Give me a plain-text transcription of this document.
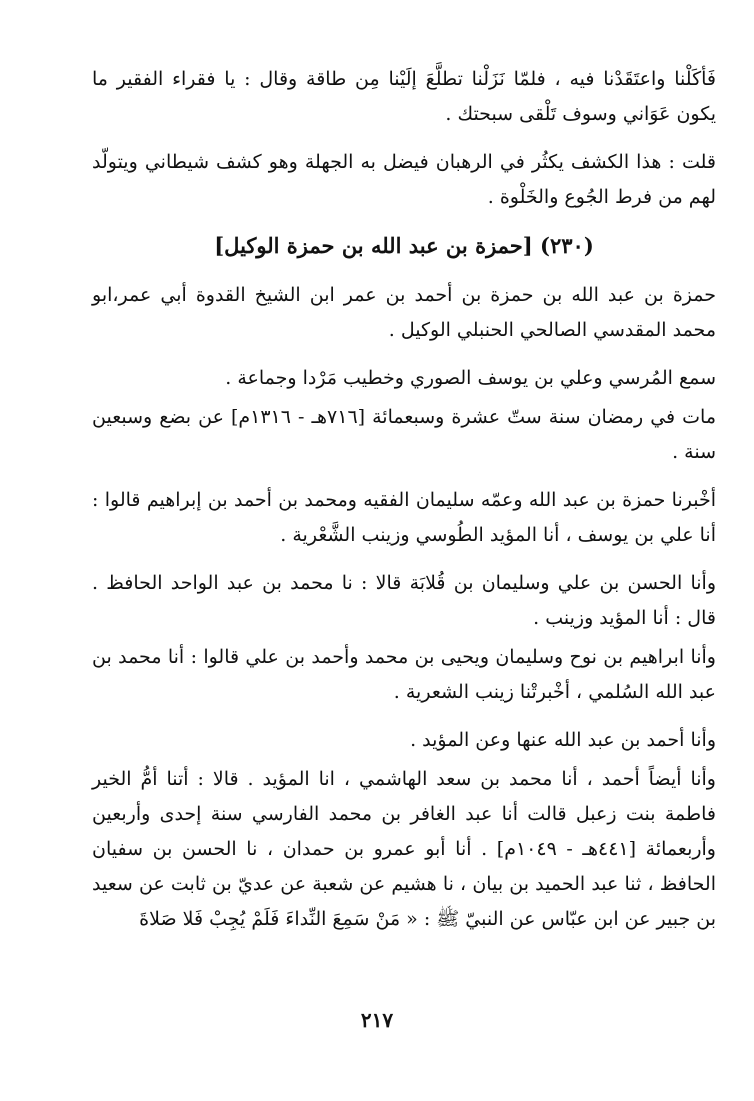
فَأكَلْنا واعتَقَدْنا فيه ، فلمّا نَزَلْنا تطلَّعَ إلَيْنا مِن طاقة وقال : يا فقراء الفقير ما يكون عَوَاني وسوف تَلْقى سبحتك .

قلت : هذا الكشف يكثُر في الرهبان فيضل به الجهلة وهو كشف شيطاني ويتولّد لهم من فرط الجُوع والخَلْوة .

(٢٣٠) [حمزة بن عبد الله بن حمزة الوكيل]

حمزة بن عبد الله بن حمزة بن أحمد بن عمر ابن الشيخ القدوة أبي عمر،ابو محمد المقدسي الصالحي الحنبلي الوكيل .

سمع المُرسي وعلي بن يوسف الصوري وخطيب مَرْدا وجماعة .

مات في رمضان سنة ستّ عشرة وسبعمائة [٧١٦هـ - ١٣١٦م] عن بضع وسبعين سنة .

أخْبرنا حمزة بن عبد الله وعمّه سليمان الفقيه ومحمد بن أحمد بن إبراهيم قالوا : أنا علي بن يوسف ، أنا المؤيد الطُوسي وزينب الشَّعْرية .

وأنا الحسن بن علي وسليمان بن قُلابَة قالا : نا محمد بن عبد الواحد الحافظ . قال : أنا المؤيد وزينب .

وأنا ابراهيم بن نوح وسليمان ويحيى بن محمد وأحمد بن علي قالوا : أنا محمد بن عبد الله السُلمي ، أخْبرتْنا زينب الشعرية .

وأنا أحمد بن عبد الله عنها وعن المؤيد .

وأنا أيضاً أحمد ، أنا محمد بن سعد الهاشمي ، انا المؤيد . قالا : أتنا أمُّ الخير فاطمة بنت زعبل قالت أنا عبد الغافر بن محمد الفارسي سنة إحدى وأربعين وأربعمائة [٤٤١هـ - ١٠٤٩م] . أنا أبو عمرو بن حمدان ، نا الحسن بن سفيان الحافظ ، ثنا عبد الحميد بن بيان ، نا هشيم عن شعبة عن عديّ بن ثابت عن سعيد بن جبير عن ابن عبّاس عن النبيّ ﷺ : « مَنْ سَمِعَ النِّداءَ فَلَمْ يُجِبْ فَلا صَلاةَ

٢١٧
